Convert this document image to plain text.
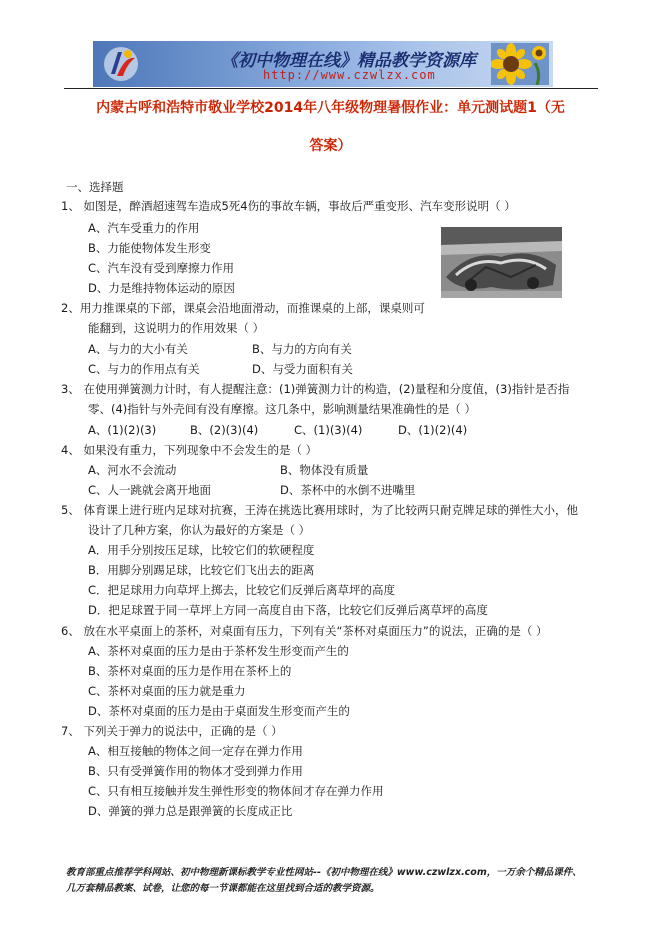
《初中物理在线》精品教学资源库
http://www.czwlzx.com
内蒙古呼和浩特市敬业学校2014年八年级物理暑假作业：单元测试题1（无
答案）
一、选择题
1、 如图是，醉酒超速驾车造成5死4伤的事故车辆，事故后严重变形、汽车变形说明（ ）
A、汽车受重力的作用
B、力能使物体发生形变
C、汽车没有受到摩擦力作用
D、力是维持物体运动的原因
2、用力推课桌的下部，课桌会沿地面滑动，而推课桌的上部，课桌则可
能翻到，这说明力的作用效果（ ）
A、与力的大小有关	B、与力的方向有关
C、与力的作用点有关	D、与受力面积有关
3、 在使用弹簧测力计时，有人提醒注意：(1)弹簧测力计的构造，(2)量程和分度值，(3)指针是否指
零、(4)指针与外壳间有没有摩擦。这几条中，影响测量结果准确性的是（ ）
A、(1)(2)(3)	B、(2)(3)(4)	C、(1)(3)(4)	D、(1)(2)(4)
4、 如果没有重力，下列现象中不会发生的是（ ）
A、河水不会流动	B、物体没有质量
C、人一跳就会离开地面	D、茶杯中的水倒不进嘴里
5、 体育课上进行班内足球对抗赛，王涛在挑选比赛用球时，为了比较两只耐克牌足球的弹性大小，他
设计了几种方案，你认为最好的方案是（ ）
A．用手分别按压足球，比较它们的软硬程度
B．用脚分别踢足球，比较它们飞出去的距离
C．把足球用力向草坪上掷去，比较它们反弹后离草坪的高度
D．把足球置于同一草坪上方同一高度自由下落，比较它们反弹后离草坪的高度
6、 放在水平桌面上的茶杯，对桌面有压力，下列有关“茶杯对桌面压力”的说法，正确的是（ ）
A、茶杯对桌面的压力是由于茶杯发生形变而产生的
B、茶杯对桌面的压力是作用在茶杯上的
C、茶杯对桌面的压力就是重力
D、茶杯对桌面的压力是由于桌面发生形变而产生的
7、 下列关于弹力的说法中，正确的是（ ）
A、相互接触的物体之间一定存在弹力作用
B、只有受弹簧作用的物体才受到弹力作用
C、只有相互接触并发生弹性形变的物体间才存在弹力作用
D、弹簧的弹力总是跟弹簧的长度成正比
教育部重点推荐学科网站、初中物理新课标教学专业性网站--《初中物理在线》www.czwlzx.com，一万余个精品课件、
几万套精品教案、试卷，让您的每一节课都能在这里找到合适的教学资源。
